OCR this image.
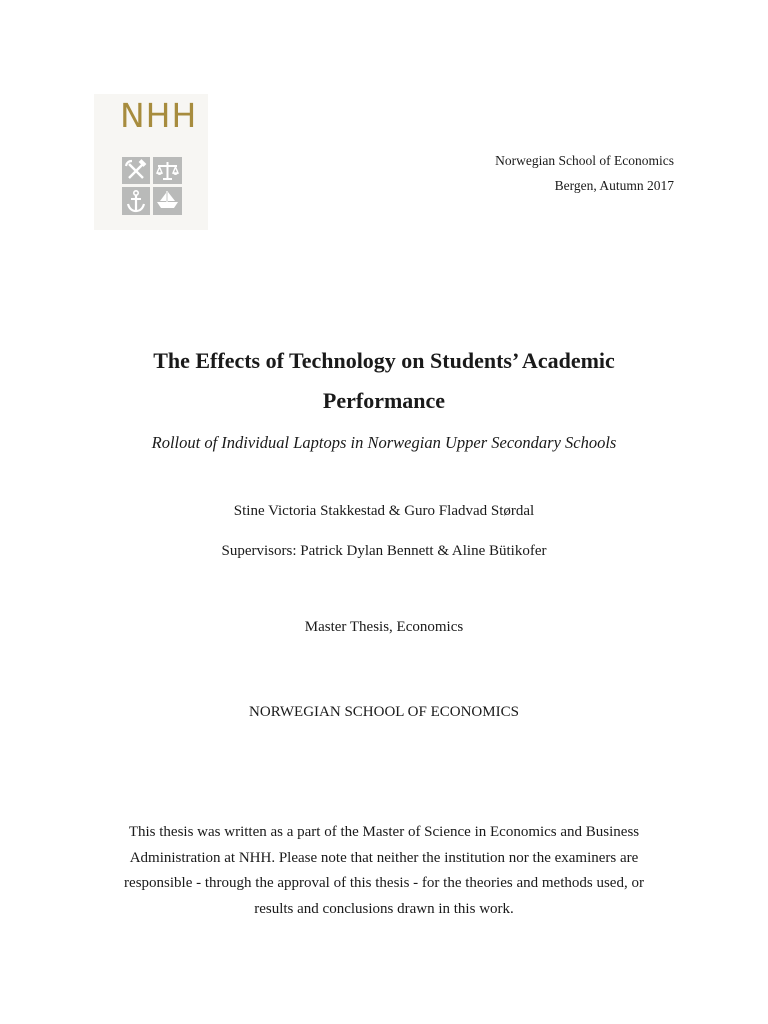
NHH
Norwegian School of Economics
Bergen, Autumn 2017
The Effects of Technology on Students’ Academic
Performance
Rollout of Individual Laptops in Norwegian Upper Secondary Schools
Stine Victoria Stakkestad & Guro Fladvad Størdal
Supervisors: Patrick Dylan Bennett & Aline Bütikofer
Master Thesis, Economics
NORWEGIAN SCHOOL OF ECONOMICS
This thesis was written as a part of the Master of Science in Economics and Business
Administration at NHH. Please note that neither the institution nor the examiners are
responsible - through the approval of this thesis - for the theories and methods used, or
results and conclusions drawn in this work.
